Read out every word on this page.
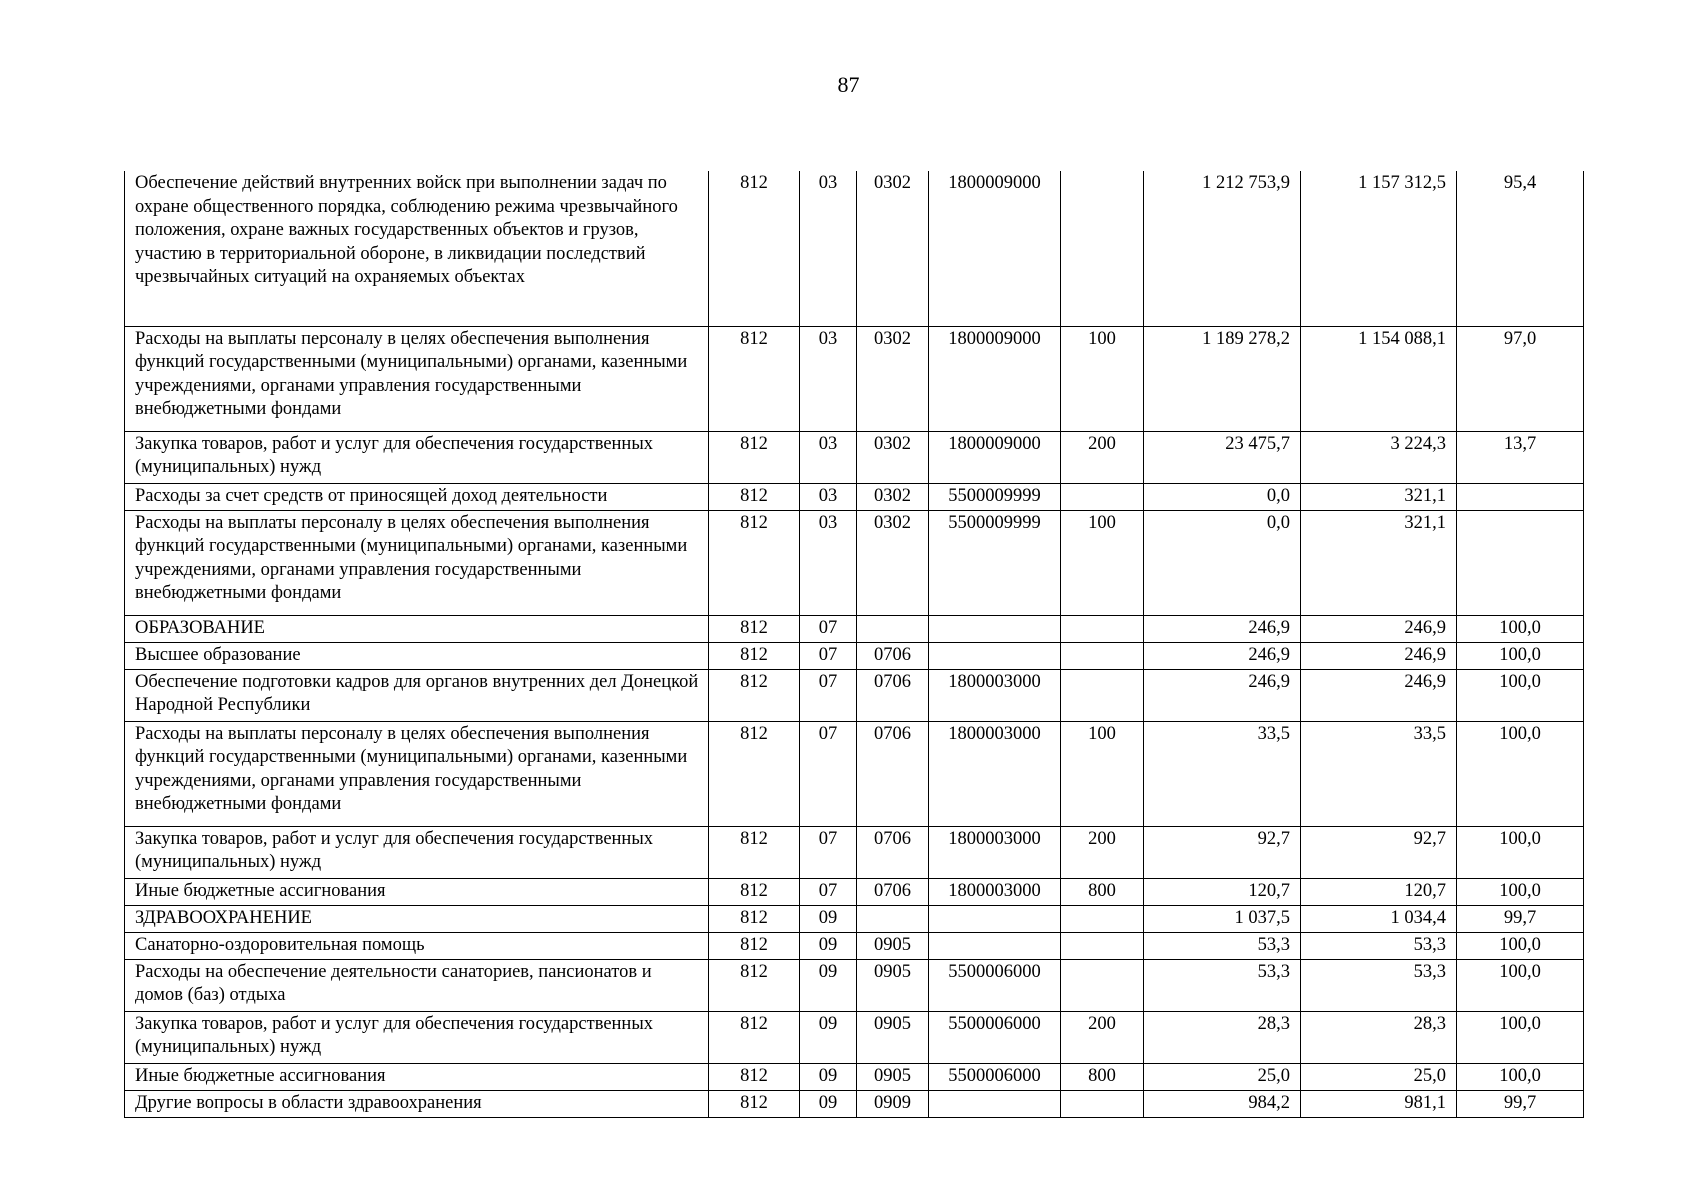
87
Обеспечение действий внутренних войск при выполнении задач по охране общественного порядка, соблюдению режима чрезвычайного положения, охране важных государственных объектов и грузов, участию в территориальной обороне, в ликвидации последствий чрезвычайных ситуаций на охраняемых объектах	812	03	0302	1800009000		1 212 753,9	1 157 312,5	95,4
Расходы на выплаты персоналу в целях обеспечения выполнения функций государственными (муниципальными) органами, казенными учреждениями, органами управления государственными внебюджетными фондами	812	03	0302	1800009000	100	1 189 278,2	1 154 088,1	97,0
Закупка товаров, работ и услуг для обеспечения государственных (муниципальных) нужд	812	03	0302	1800009000	200	23 475,7	3 224,3	13,7
Расходы за счет средств от приносящей доход деятельности	812	03	0302	5500009999		0,0	321,1	
Расходы на выплаты персоналу в целях обеспечения выполнения функций государственными (муниципальными) органами, казенными учреждениями, органами управления государственными внебюджетными фондами	812	03	0302	5500009999	100	0,0	321,1	
ОБРАЗОВАНИЕ	812	07				246,9	246,9	100,0
Высшее образование	812	07	0706			246,9	246,9	100,0
Обеспечение подготовки кадров для органов внутренних дел Донецкой Народной Республики	812	07	0706	1800003000		246,9	246,9	100,0
Расходы на выплаты персоналу в целях обеспечения выполнения функций государственными (муниципальными) органами, казенными учреждениями, органами управления государственными внебюджетными фондами	812	07	0706	1800003000	100	33,5	33,5	100,0
Закупка товаров, работ и услуг для обеспечения государственных (муниципальных) нужд	812	07	0706	1800003000	200	92,7	92,7	100,0
Иные бюджетные ассигнования	812	07	0706	1800003000	800	120,7	120,7	100,0
ЗДРАВООХРАНЕНИЕ	812	09				1 037,5	1 034,4	99,7
Санаторно-оздоровительная помощь	812	09	0905			53,3	53,3	100,0
Расходы на обеспечение деятельности санаториев, пансионатов и домов (баз) отдыха	812	09	0905	5500006000		53,3	53,3	100,0
Закупка товаров, работ и услуг для обеспечения государственных (муниципальных) нужд	812	09	0905	5500006000	200	28,3	28,3	100,0
Иные бюджетные ассигнования	812	09	0905	5500006000	800	25,0	25,0	100,0
Другие вопросы в области здравоохранения	812	09	0909			984,2	981,1	99,7
